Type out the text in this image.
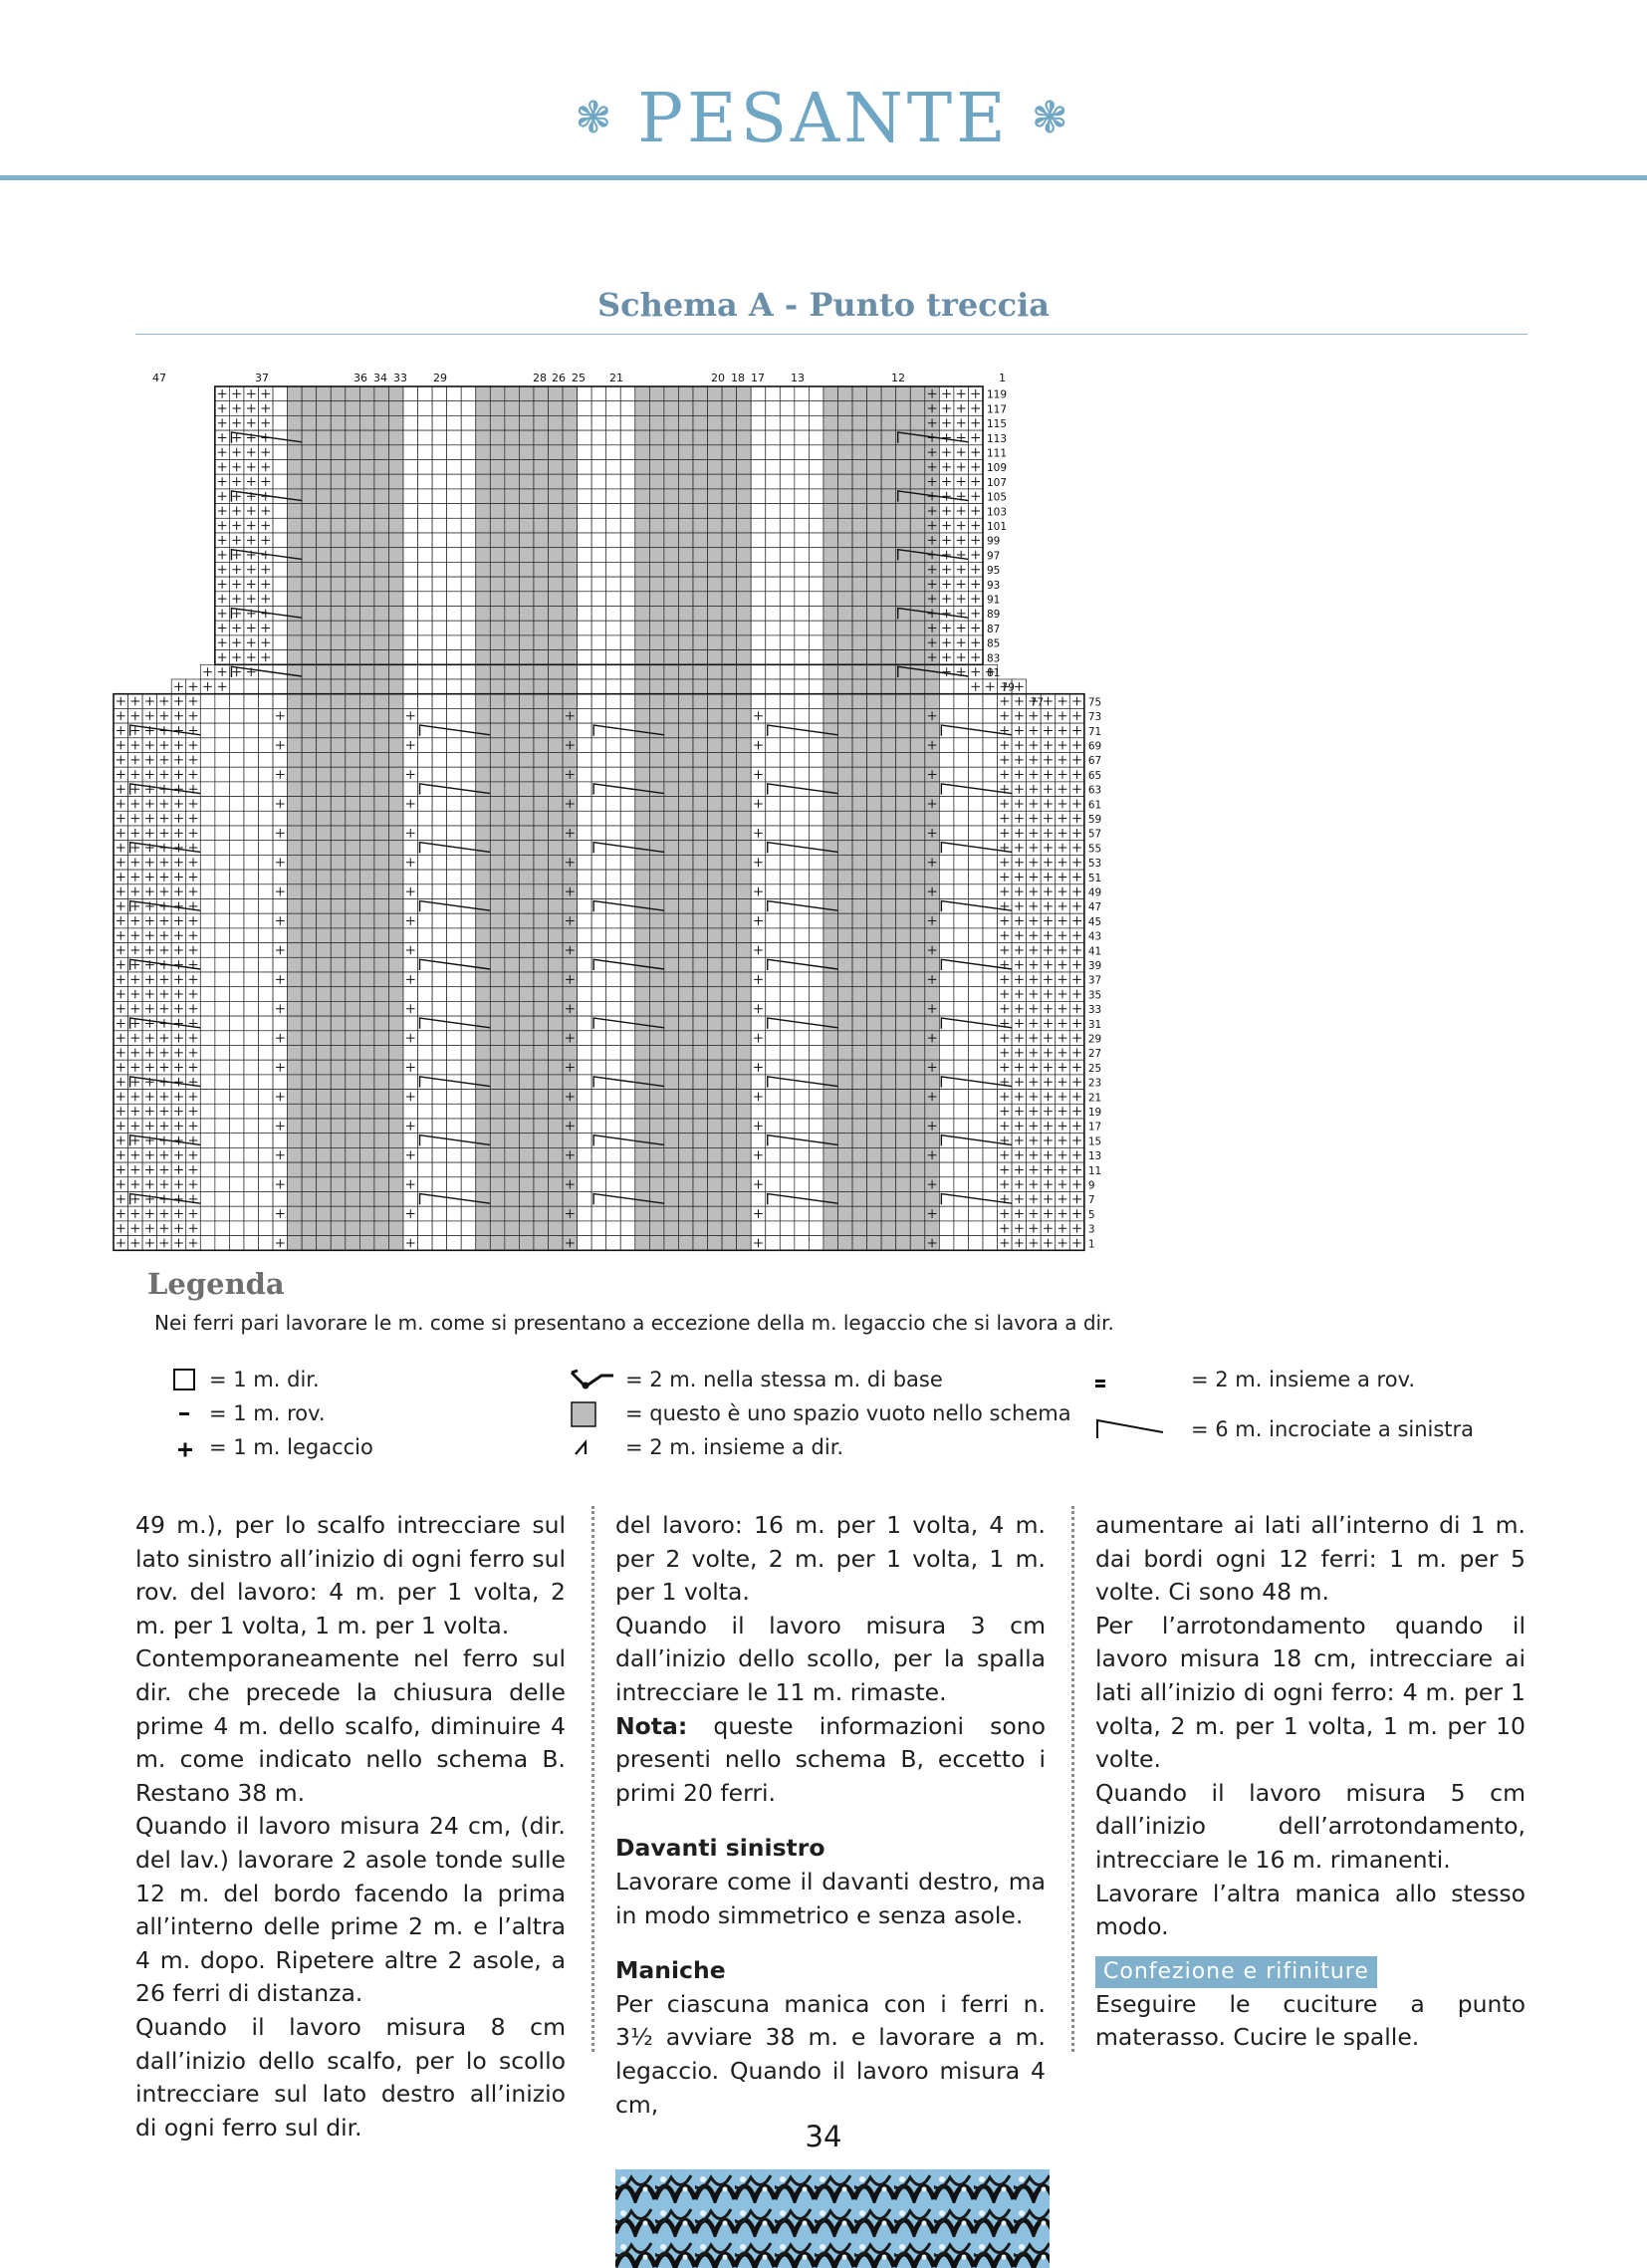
❃ PESANTE ❃
Schema A - Punto treccia
47	37	36 34 33 29	28 26 25 21	20 18 17 13	12	1
119
117
115
113
111
109
107
105
103
101
99
97
95
93
91
89
87
85
83
81
79
77	75
73
71
69
67
65
63
61
59
57
55
53
51
49
47
45
43
41
39
37
35
33
31
29
27
25
23
21
19
17
15
13
11
9
7
5
3
1
Legenda
Nei ferri pari lavorare le m. come si presentano a eccezione della m. legaccio che si lavora a dir.
= 1 m. dir.
= 1 m. rov.
= 1 m. legaccio
= 2 m. nella stessa m. di base
= questo è uno spazio vuoto nello schema
= 2 m. insieme a dir.
= 2 m. insieme a rov.
= 6 m. incrociate a sinistra

49 m.), per lo scalfo intrecciare sul lato sinistro all’inizio di ogni ferro sul rov. del lavoro: 4 m. per 1 volta, 2 m. per 1 volta, 1 m. per 1 volta.

Contemporaneamente nel ferro sul dir. che precede la chiusura delle prime 4 m. dello scalfo, diminuire 4 m. come indicato nello schema B. Restano 38 m.

Quando il lavoro misura 24 cm, (dir. del lav.) lavorare 2 asole tonde sulle 12 m. del bordo facendo la prima all’interno delle prime 2 m. e l’altra 4 m. dopo. Ripetere altre 2 asole, a 26 ferri di distanza.

Quando il lavoro misura 8 cm dall’inizio dello scalfo, per lo scollo intrecciare sul lato destro all’inizio di ogni ferro sul dir.

del lavoro: 16 m. per 1 volta, 4 m. per 2 volte, 2 m. per 1 volta, 1 m. per 1 volta.

Quando il lavoro misura 3 cm dall’inizio dello scollo, per la spalla intrecciare le 11 m. rimaste.

Nota: queste informazioni sono presenti nello schema B, eccetto i primi 20 ferri.

Davanti sinistro

Lavorare come il davanti destro, ma in modo simmetrico e senza asole.

Maniche

Per ciascuna manica con i ferri n. 3½ avviare 38 m. e lavorare a m. legaccio. Quando il lavoro misura 4 cm,

aumentare ai lati all’interno di 1 m. dai bordi ogni 12 ferri: 1 m. per 5 volte. Ci sono 48 m.

Per l’arrotondamento quando il lavoro misura 18 cm, intrecciare ai lati all’inizio di ogni ferro: 4 m. per 1 volta, 2 m. per 1 volta, 1 m. per 10 volte.

Quando il lavoro misura 5 cm dall’inizio dell’arrotondamento, intrecciare le 16 m. rimanenti.

Lavorare l’altra manica allo stesso modo.

Confezione e rifiniture

Eseguire le cuciture a punto materasso. Cucire le spalle.

34
